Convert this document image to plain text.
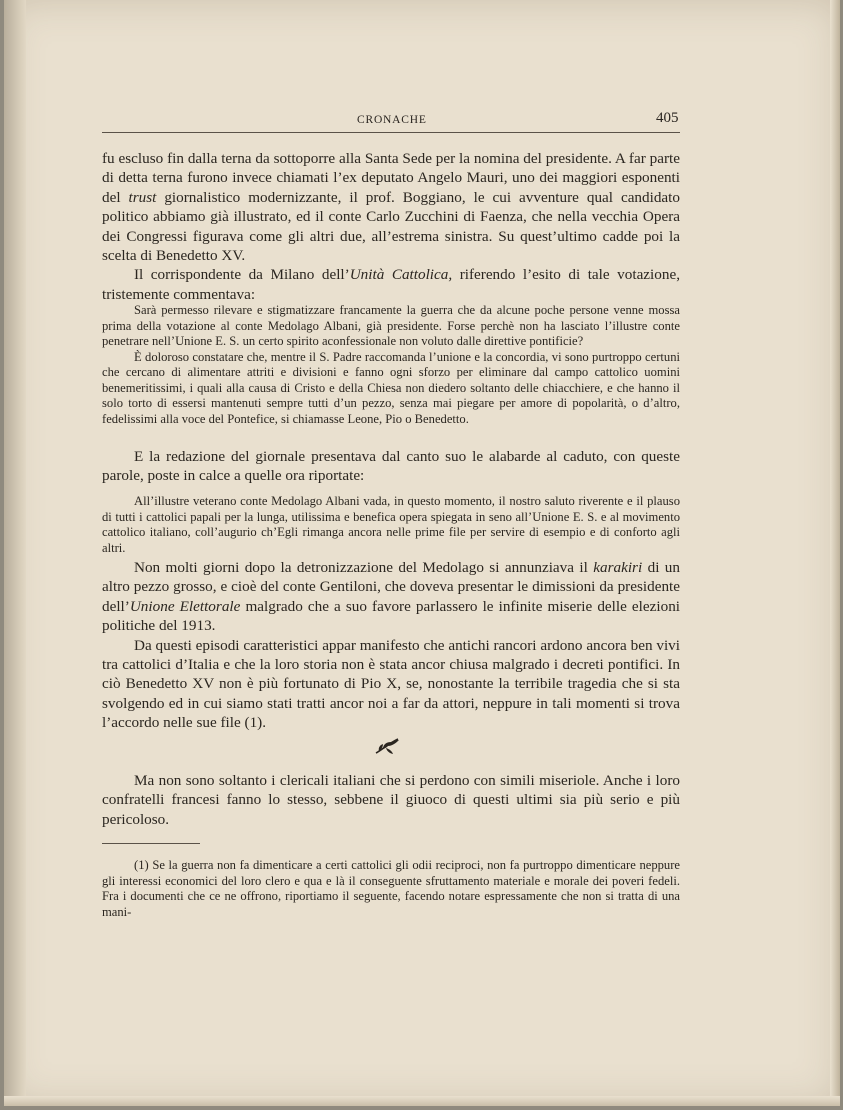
CRONACHE	405

fu escluso fin dalla terna da sottoporre alla Santa Sede per la nomina del presidente. A far parte di detta terna furono invece chiamati l’ex deputato Angelo Mauri, uno dei maggiori esponenti del trust giornalistico modernizzante, il prof. Boggiano, le cui avventure qual candidato politico abbiamo già illustrato, ed il conte Carlo Zucchini di Faenza, che nella vecchia Opera dei Congressi figurava come gli altri due, all’estrema sinistra. Su quest’ultimo cadde poi la scelta di Benedetto XV.

Il corrispondente da Milano dell’Unità Cattolica, riferendo l’esito di tale votazione, tristemente commentava:

Sarà permesso rilevare e stigmatizzare francamente la guerra che da alcune poche persone venne mossa prima della votazione al conte Medolago Albani, già presidente. Forse perchè non ha lasciato l’illustre conte penetrare nell’Unione E. S. un certo spirito aconfessionale non voluto dalle direttive pontificie?

È doloroso constatare che, mentre il S. Padre raccomanda l’unione e la concordia, vi sono purtroppo certuni che cercano di alimentare attriti e divisioni e fanno ogni sforzo per eliminare dal campo cattolico uomini benemeritissimi, i quali alla causa di Cristo e della Chiesa non diedero soltanto delle chiacchiere, e che hanno il solo torto di essersi mantenuti sempre tutti d’un pezzo, senza mai piegare per amore di popolarità, o d’altro, fedelissimi alla voce del Pontefice, si chiamasse Leone, Pio o Benedetto.

E la redazione del giornale presentava dal canto suo le alabarde al caduto, con queste parole, poste in calce a quelle ora riportate:

All’illustre veterano conte Medolago Albani vada, in questo momento, il nostro saluto riverente e il plauso di tutti i cattolici papali per la lunga, utilissima e benefica opera spiegata in seno all’Unione E. S. e al movimento cattolico italiano, coll’augurio ch’Egli rimanga ancora nelle prime file per servire di esempio e di conforto agli altri.

Non molti giorni dopo la detronizzazione del Medolago si annunziava il karakiri di un altro pezzo grosso, e cioè del conte Gentiloni, che doveva presentar le dimissioni da presidente dell’Unione Elettorale malgrado che a suo favore parlassero le infinite miserie delle elezioni politiche del 1913.

Da questi episodi caratteristici appar manifesto che antichi rancori ardono ancora ben vivi tra cattolici d’Italia e che la loro storia non è stata ancor chiusa malgrado i decreti pontifici. In ciò Benedetto XV non è più fortunato di Pio X, se, nonostante la terribile tragedia che si sta svolgendo ed in cui siamo stati tratti ancor noi a far da attori, neppure in tali momenti si trova l’accordo nelle sue file (1).

Ma non sono soltanto i clericali italiani che si perdono con simili miseriole. Anche i loro confratelli francesi fanno lo stesso, sebbene il giuoco di questi ultimi sia più serio e più pericoloso.

(1) Se la guerra non fa dimenticare a certi cattolici gli odii reciproci, non fa purtroppo dimenticare neppure gli interessi economici del loro clero e qua e là il conseguente sfruttamento materiale e morale dei poveri fedeli. Fra i documenti che ce ne offrono, riportiamo il seguente, facendo notare espressamente che non si tratta di una mani-
